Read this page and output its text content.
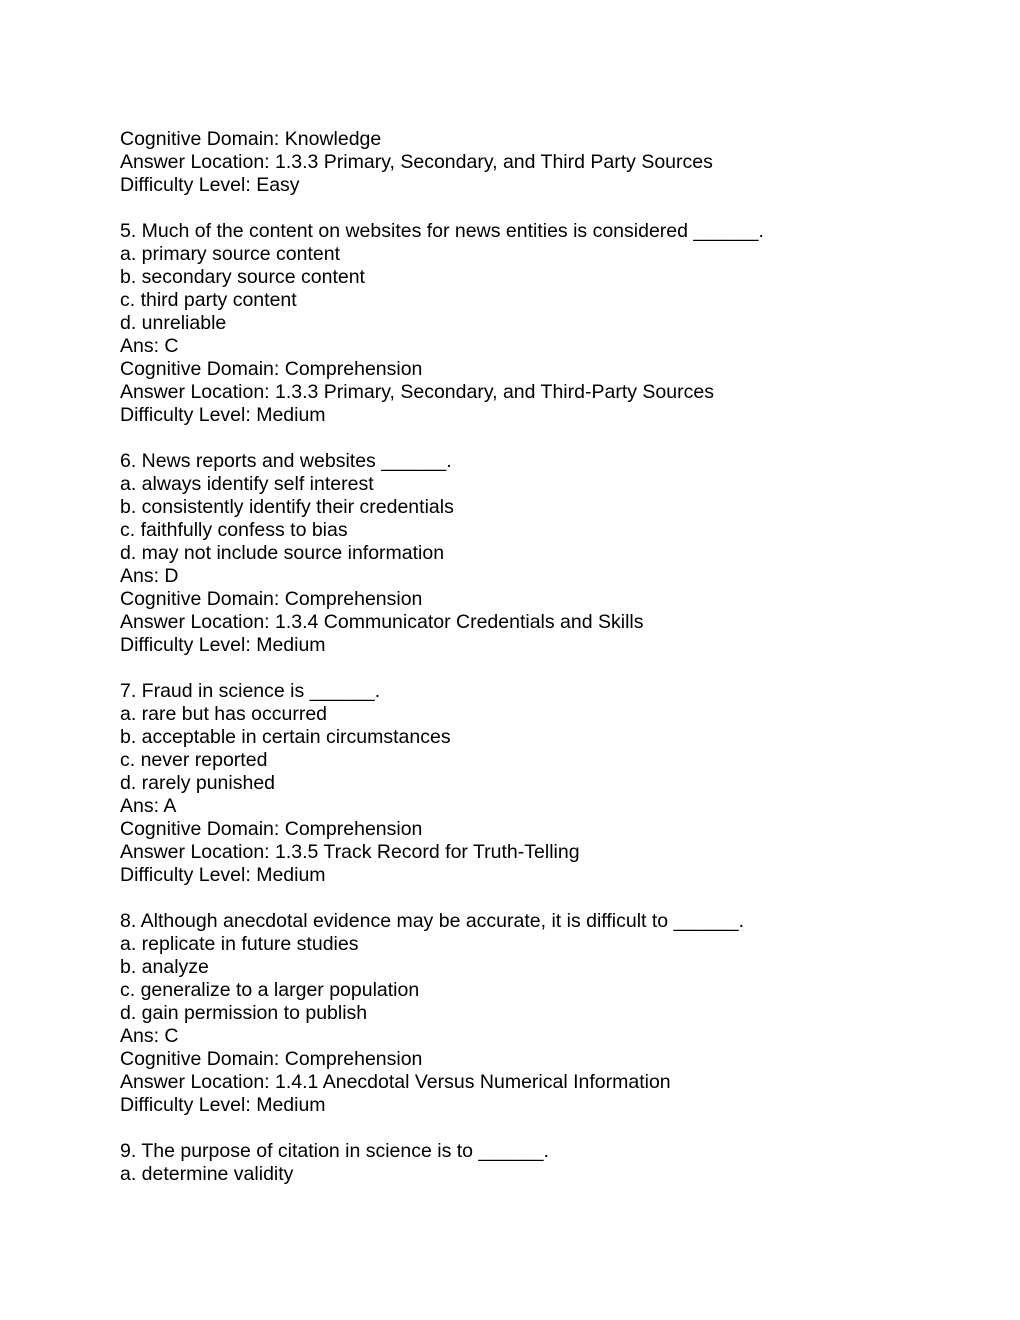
Cognitive Domain: Knowledge
Answer Location: 1.3.3 Primary, Secondary, and Third Party Sources
Difficulty Level: Easy
5. Much of the content on websites for news entities is considered ______.
a. primary source content
b. secondary source content
c. third party content
d. unreliable
Ans: C
Cognitive Domain: Comprehension
Answer Location: 1.3.3 Primary, Secondary, and Third-Party Sources
Difficulty Level: Medium
6. News reports and websites ______.
a. always identify self interest
b. consistently identify their credentials
c. faithfully confess to bias
d. may not include source information
Ans: D
Cognitive Domain: Comprehension
Answer Location: 1.3.4 Communicator Credentials and Skills
Difficulty Level: Medium
7. Fraud in science is ______.
a. rare but has occurred
b. acceptable in certain circumstances
c. never reported
d. rarely punished
Ans: A
Cognitive Domain: Comprehension
Answer Location: 1.3.5 Track Record for Truth-Telling
Difficulty Level: Medium
8. Although anecdotal evidence may be accurate, it is difficult to ______.
a. replicate in future studies
b. analyze
c. generalize to a larger population
d. gain permission to publish
Ans: C
Cognitive Domain: Comprehension
Answer Location: 1.4.1 Anecdotal Versus Numerical Information
Difficulty Level: Medium
9. The purpose of citation in science is to ______.
a. determine validity
